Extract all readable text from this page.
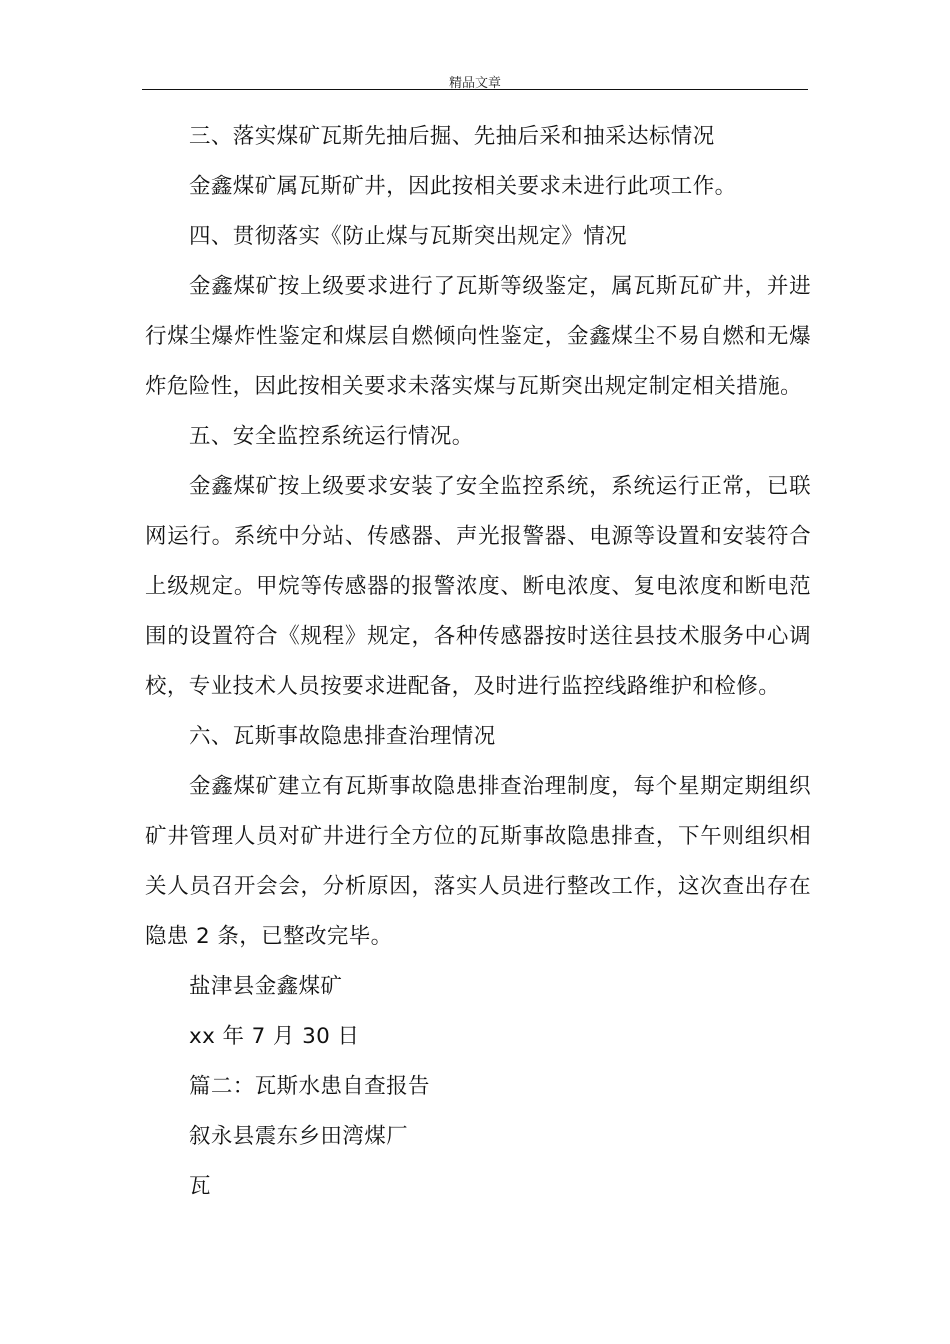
精品文章

三、落实煤矿瓦斯先抽后掘、先抽后采和抽采达标情况

金鑫煤矿属瓦斯矿井，因此按相关要求未进行此项工作。

四、贯彻落实《防止煤与瓦斯突出规定》情况

金鑫煤矿按上级要求进行了瓦斯等级鉴定，属瓦斯瓦矿井，并进行煤尘爆炸性鉴定和煤层自燃倾向性鉴定，金鑫煤尘不易自燃和无爆炸危险性，因此按相关要求未落实煤与瓦斯突出规定制定相关措施。

五、安全监控系统运行情况。

金鑫煤矿按上级要求安装了安全监控系统，系统运行正常，已联网运行。系统中分站、传感器、声光报警器、电源等设置和安装符合上级规定。甲烷等传感器的报警浓度、断电浓度、复电浓度和断电范围的设置符合《规程》规定，各种传感器按时送往县技术服务中心调校，专业技术人员按要求进配备，及时进行监控线路维护和检修。

六、瓦斯事故隐患排查治理情况

金鑫煤矿建立有瓦斯事故隐患排查治理制度，每个星期定期组织矿井管理人员对矿井进行全方位的瓦斯事故隐患排查，下午则组织相关人员召开会会，分析原因，落实人员进行整改工作，这次查出存在隐患 2 条，已整改完毕。

盐津县金鑫煤矿

xx 年 7 月 30 日

篇二：瓦斯水患自查报告

叙永县震东乡田湾煤厂

瓦
